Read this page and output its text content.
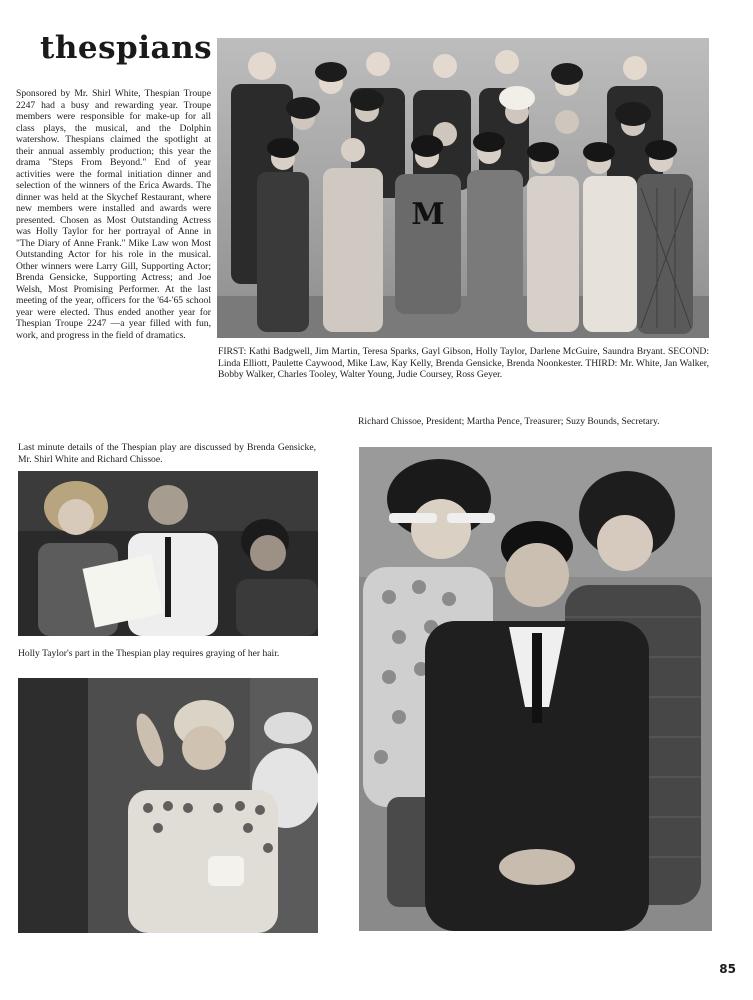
thespians
Sponsored by Mr. Shirl White, Thespian Troupe 2247 had a busy and rewarding year. Troupe members were responsible for make-up for all class plays, the musical, and the Dolphin watershow. Thespians claimed the spotlight at their annual assembly production; this year the drama "Steps From Beyond." End of year activities were the formal initiation dinner and selection of the winners of the Erica Awards. The dinner was held at the Skychef Restaurant, where new members were installed and awards were presented. Chosen as Most Outstanding Actress was Holly Taylor for her portrayal of Anne in "The Diary of Anne Frank." Mike Law won Most Outstanding Actor for his role in the musical. Other winners were Larry Gill, Supporting Actor; Brenda Gensicke, Supporting Actress; and Joe Welsh, Most Promising Performer. At the last meeting of the year, officers for the '64-'65 school year were elected. Thus ended another year for Thespian Troupe 2247 —a year filled with fun, work, and progress in the field of dramatics.
M
FIRST: Kathi Badgwell, Jim Martin, Teresa Sparks, Gayl Gibson, Holly Taylor, Darlene McGuire, Saundra Bryant. SECOND: Linda Elliott, Paulette Caywood, Mike Law, Kay Kelly, Brenda Gensicke, Brenda Noonkester. THIRD: Mr. White, Jan Walker, Bobby Walker, Charles Tooley, Walter Young, Judie Coursey, Ross Geyer.
Richard Chissoe, President; Martha Pence, Treasurer; Suzy Bounds, Secretary.
Last minute details of the Thespian play are discussed by Brenda Gensicke, Mr. Shirl White and Richard Chissoe.
Holly Taylor's part in the Thespian play requires graying of her hair.
85
